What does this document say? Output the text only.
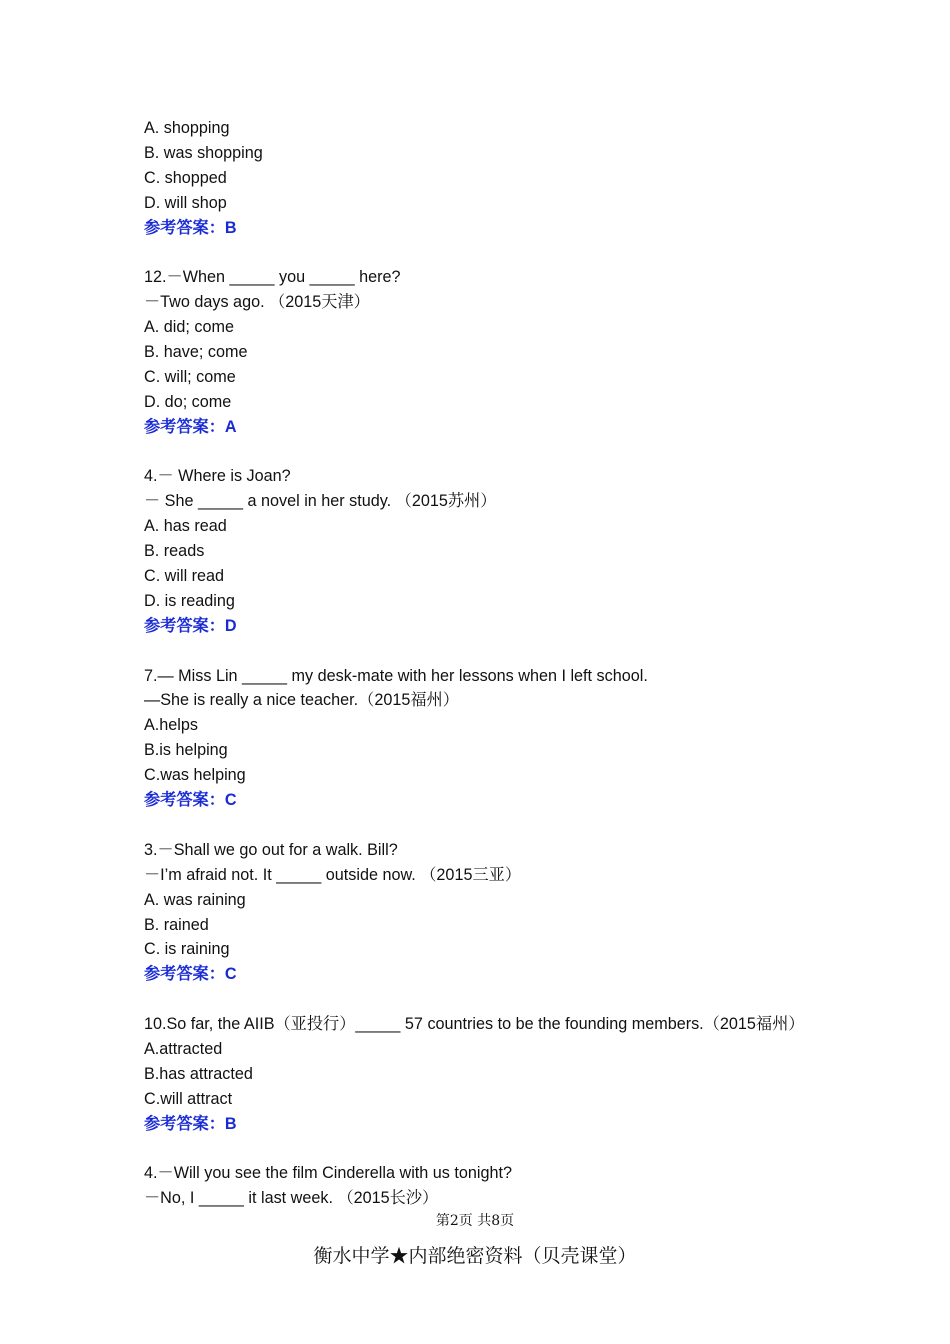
A. shopping
B. was shopping
C. shopped
D. will shop
参考答案：B
12.－When _____ you _____ here?
－Two days ago. （2015天津）
A. did; come
B. have; come
C. will; come
D. do; come
参考答案：A
4.－ Where is Joan?
－ She _____ a novel in her study. （2015苏州）
A. has read
B. reads
C. will read
D. is reading
参考答案：D
7.— Miss Lin _____ my desk-mate with her lessons when I left school.
—She is really a nice teacher.（2015福州）
A.helps
B.is helping
C.was helping
参考答案：C
3.－Shall we go out for a walk. Bill?
－I’m afraid not. It _____ outside now. （2015三亚）
A. was raining
B. rained
C. is raining
参考答案：C
10.So far, the AIIB（亚投行）_____ 57 countries to be the founding members.（2015福州）
A.attracted
B.has attracted
C.will attract
参考答案：B
4.－Will you see the film Cinderella with us tonight?
－No, I _____ it last week. （2015长沙）
第2页 共8页
衡水中学★内部绝密资料（贝壳课堂）
